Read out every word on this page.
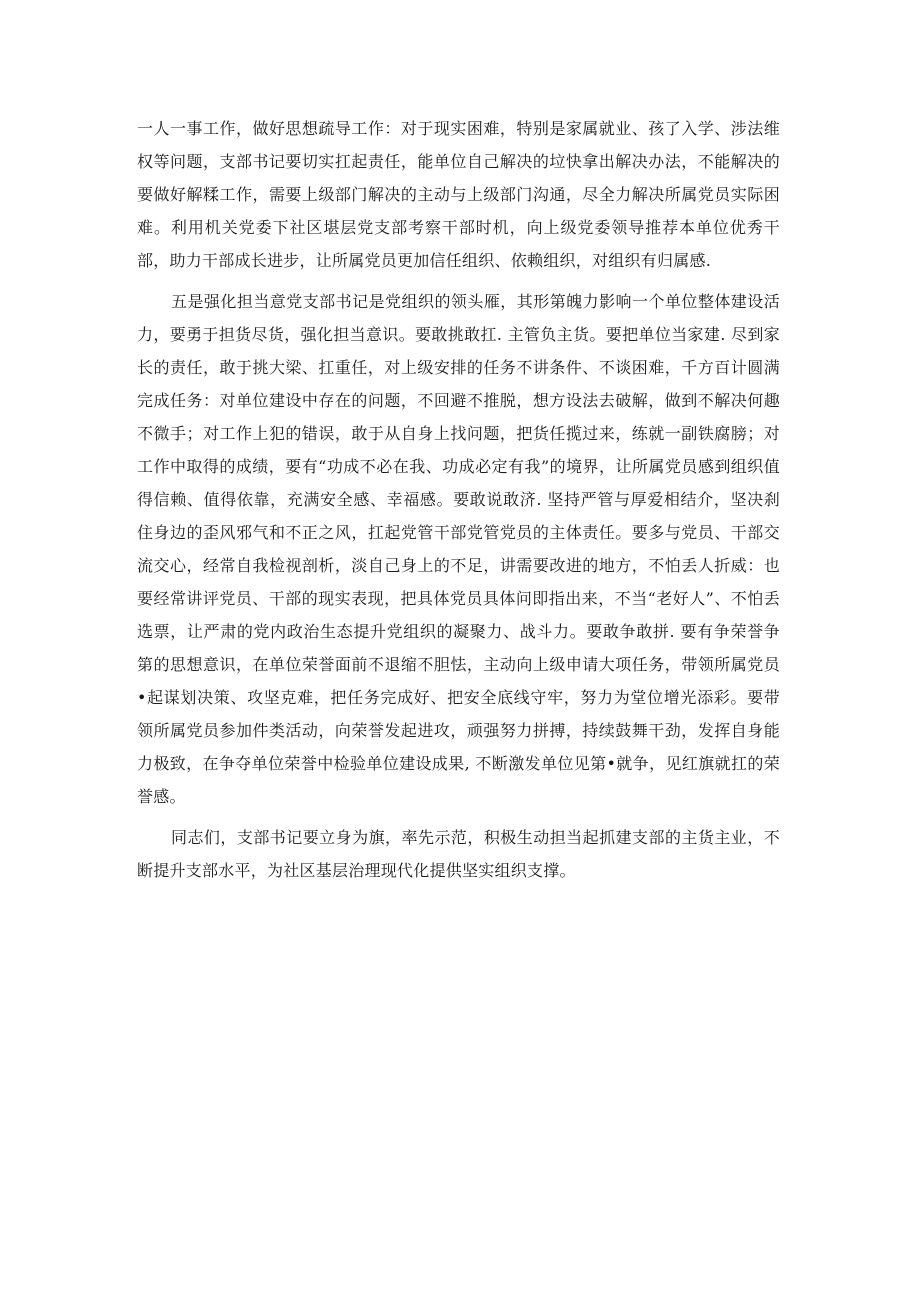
一人一事工作，做好思想疏导工作：对于现实困难，特别是家属就业、孩了入学、涉法维权等问题，支部书记要切实扛起责任，能单位自己解决的垃快拿出解决办法，不能解决的要做好解糅工作，需要上级部门解决的主动与上级部门沟通，尽全力解决所属党员实际困难。利用机关党委下社区堪层党支部考察干部时机，向上级党委领导推荐本单位优秀干部，助力干部成长进步，让所属党员更加信任组织、依赖组织，对组织有归属感.

五是强化担当意党支部书记是党组织的领头雁，其形第魄力影响一个单位整体建设活力，要勇于担货尽货，强化担当意识。要敢挑敢扛. 主管负主货。要把单位当家建. 尽到家长的责任，敢于挑大梁、扛重任，对上级安排的任务不讲条件、不谈困难，千方百计圆满完成任务：对单位建设中存在的问题，不回避不推脱，想方设法去破解，做到不解决何趣不微手；对工作上犯的错误，敢于从自身上找问题，把货任揽过来，练就一副铁腐膀；对工作中取得的成绩，要有“功成不必在我、功成必定有我”的境界，让所属党员感到组织值得信赖、值得依靠，充满安全感、幸福感。要敢说敢济. 坚持严管与厚爱相结介，坚决刹住身边的歪风邪气和不正之风，扛起党管干部党管党员的主体责任。要多与党员、干部交流交心，经常自我检视剖析，淡自己身上的不足，讲需要改进的地方，不怕丢人折威：也要经常讲评党员、干部的现实表现，把具体党员具体问即指出来，不当“老好人”、不怕丢选票，让严肃的党内政治生态提升党组织的凝聚力、战斗力。要敢争敢拼. 要有争荣誉争第的思想意识，在单位荣誉面前不退缩不胆怯，主动向上级申请大项任务，带领所属党员•起谋划决策、攻坚克难，把任务完成好、把安全底线守牢，努力为堂位增光添彩。要带领所属党员参加件类活动，向荣誉发起进攻，顽强努力拼搏，持续鼓舞干劲，发挥自身能力极致，在争夺单位荣誉中检验单位建设成果, 不断激发单位见第•就争，见红旗就扛的荣誉感。

同志们，支部书记要立身为旗，率先示范，积极生动担当起抓建支部的主货主业，不断提升支部水平，为社区基层治理现代化提供坚实组织支撑。
